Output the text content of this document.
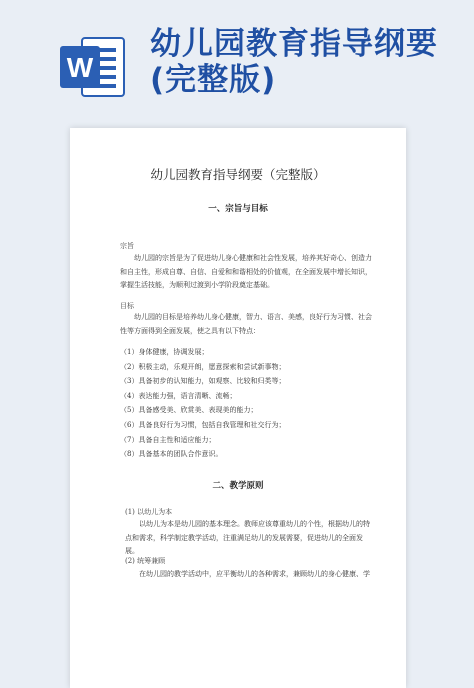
W
幼儿园教育指导纲要(完整版)
幼儿园教育指导纲要（完整版）
一、宗旨与目标
宗旨
幼儿园的宗旨是为了促进幼儿身心健康和社会性发展，培养其好奇心、创造力和自主性，形成自尊、自信、自爱和和谐相处的价值观，在全面发展中增长知识，掌握生活技能，为顺利过渡到小学阶段奠定基础。
目标
幼儿园的目标是培养幼儿身心健康，智力、语言、美感，良好行为习惯、社会性等方面得到全面发展，使之具有以下特点：
（1）身体健康，协调发展；
（2）积极主动，乐观开朗，愿意探索和尝试新事物；
（3）具备初步的认知能力，如观察、比较和归类等；
（4）表达能力强，语言清晰、流畅；
（5）具备感受美、欣赏美、表现美的能力；
（6）具备良好行为习惯，包括自我管理和社交行为；
（7）具备自主性和适应能力；
（8）具备基本的团队合作意识。
二、教学原则
(1) 以幼儿为本
以幼儿为本是幼儿园的基本理念。教师应该尊重幼儿的个性，根据幼儿的特点和需求，科学制定教学活动，注重满足幼儿的发展需要，促进幼儿的全面发展。
(2) 统筹兼顾
在幼儿园的教学活动中，应平衡幼儿的各种需求，兼顾幼儿的身心健康、学
